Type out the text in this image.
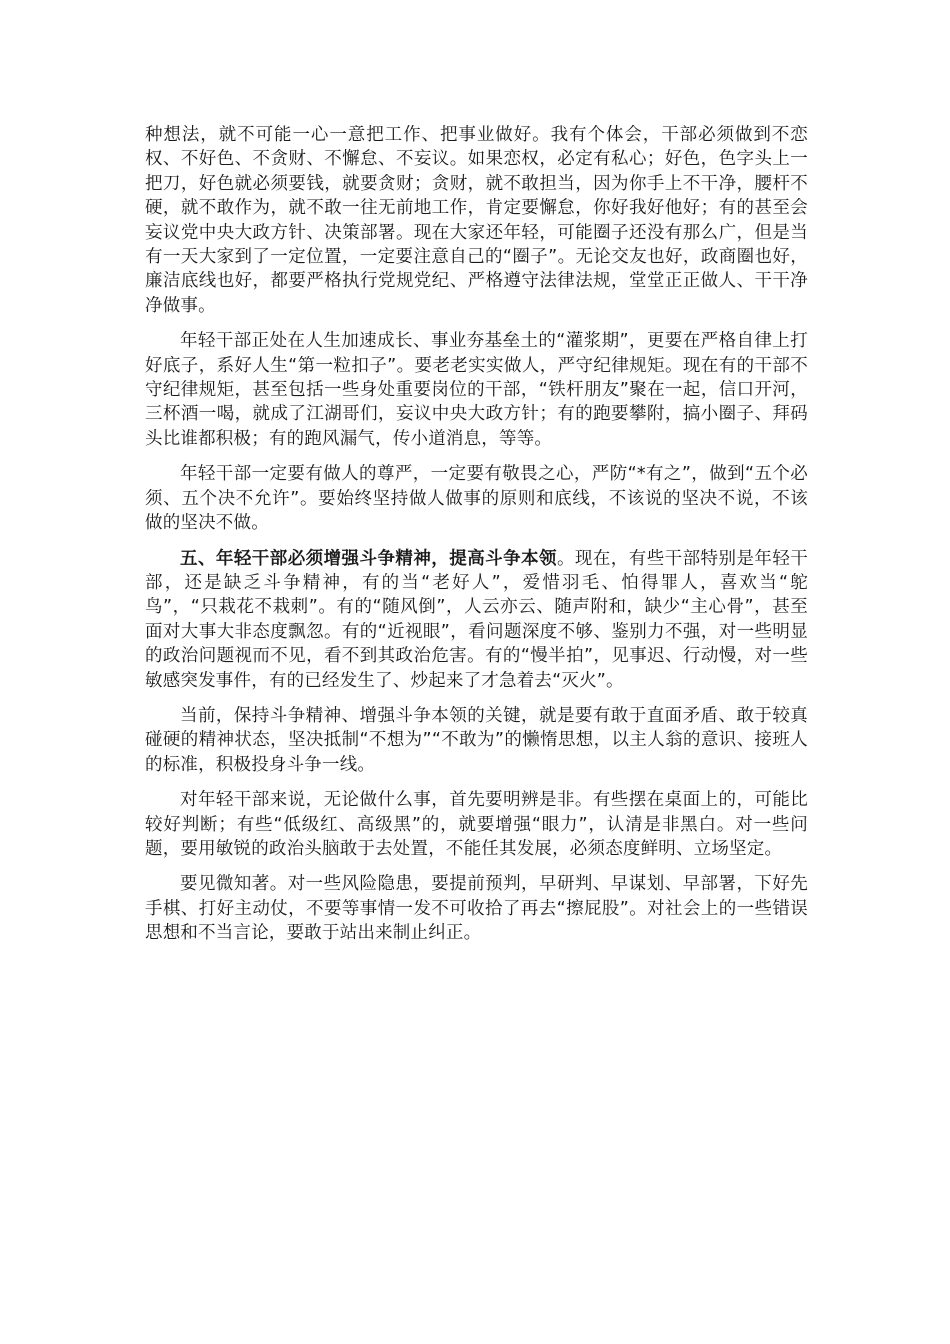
种想法，就不可能一心一意把工作、把事业做好。我有个体会，干部必须做到不恋权、不好色、不贪财、不懈怠、不妄议。如果恋权，必定有私心；好色，色字头上一把刀，好色就必须要钱，就要贪财；贪财，就不敢担当，因为你手上不干净，腰杆不硬，就不敢作为，就不敢一往无前地工作，肯定要懈怠，你好我好他好；有的甚至会妄议党中央大政方针、决策部署。现在大家还年轻，可能圈子还没有那么广，但是当有一天大家到了一定位置，一定要注意自己的“圈子”。无论交友也好，政商圈也好，廉洁底线也好，都要严格执行党规党纪、严格遵守法律法规，堂堂正正做人、干干净净做事。

年轻干部正处在人生加速成长、事业夯基垒土的“灌浆期”，更要在严格自律上打好底子，系好人生“第一粒扣子”。要老老实实做人，严守纪律规矩。现在有的干部不守纪律规矩，甚至包括一些身处重要岗位的干部，“铁杆朋友”聚在一起，信口开河，三杯酒一喝，就成了江湖哥们，妄议中央大政方针；有的跑要攀附，搞小圈子、拜码头比谁都积极；有的跑风漏气，传小道消息，等等。

年轻干部一定要有做人的尊严，一定要有敬畏之心，严防“*有之”，做到“五个必须、五个决不允许”。要始终坚持做人做事的原则和底线，不该说的坚决不说，不该做的坚决不做。

五、年轻干部必须增强斗争精神，提高斗争本领。现在，有些干部特别是年轻干部，还是缺乏斗争精神，有的当“老好人”，爱惜羽毛、怕得罪人，喜欢当“鸵鸟”，“只栽花不栽刺”。有的“随风倒”，人云亦云、随声附和，缺少“主心骨”，甚至面对大事大非态度飘忽。有的“近视眼”，看问题深度不够、鉴别力不强，对一些明显的政治问题视而不见，看不到其政治危害。有的“慢半拍”，见事迟、行动慢，对一些敏感突发事件，有的已经发生了、炒起来了才急着去“灭火”。

当前，保持斗争精神、增强斗争本领的关键，就是要有敢于直面矛盾、敢于较真碰硬的精神状态，坚决抵制“不想为”“不敢为”的懒惰思想，以主人翁的意识、接班人的标准，积极投身斗争一线。

对年轻干部来说，无论做什么事，首先要明辨是非。有些摆在桌面上的，可能比较好判断；有些“低级红、高级黑”的，就要增强“眼力”，认清是非黑白。对一些问题，要用敏锐的政治头脑敢于去处置，不能任其发展，必须态度鲜明、立场坚定。

要见微知著。对一些风险隐患，要提前预判，早研判、早谋划、早部署，下好先手棋、打好主动仗，不要等事情一发不可收拾了再去“擦屁股”。对社会上的一些错误思想和不当言论，要敢于站出来制止纠正。
